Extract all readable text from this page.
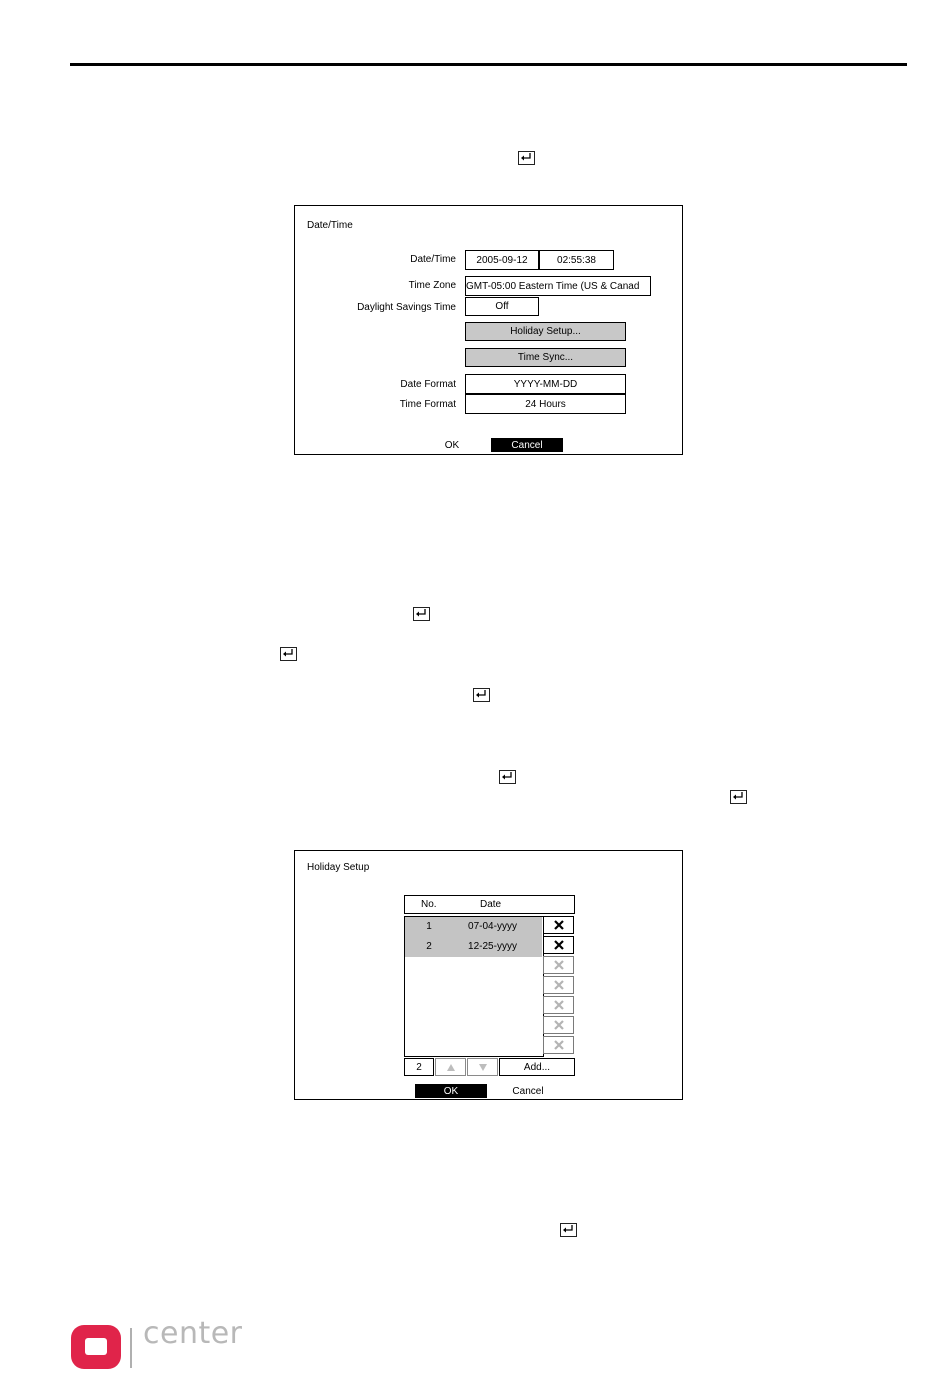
Date/Time
Date/Time	2005-09-12	02:55:38
Time Zone GMT-05:00 Eastern Time (US & Canad
Daylight Savings Time	Off
Holiday Setup...
Time Sync...
Date Format	YYYY-MM-DD
Time Format	24 Hours
OK	Cancel
Holiday Setup
No.	Date
1	07-04-yyyy
2	12-25-yyyy
2	Add...
OK	Cancel
center
